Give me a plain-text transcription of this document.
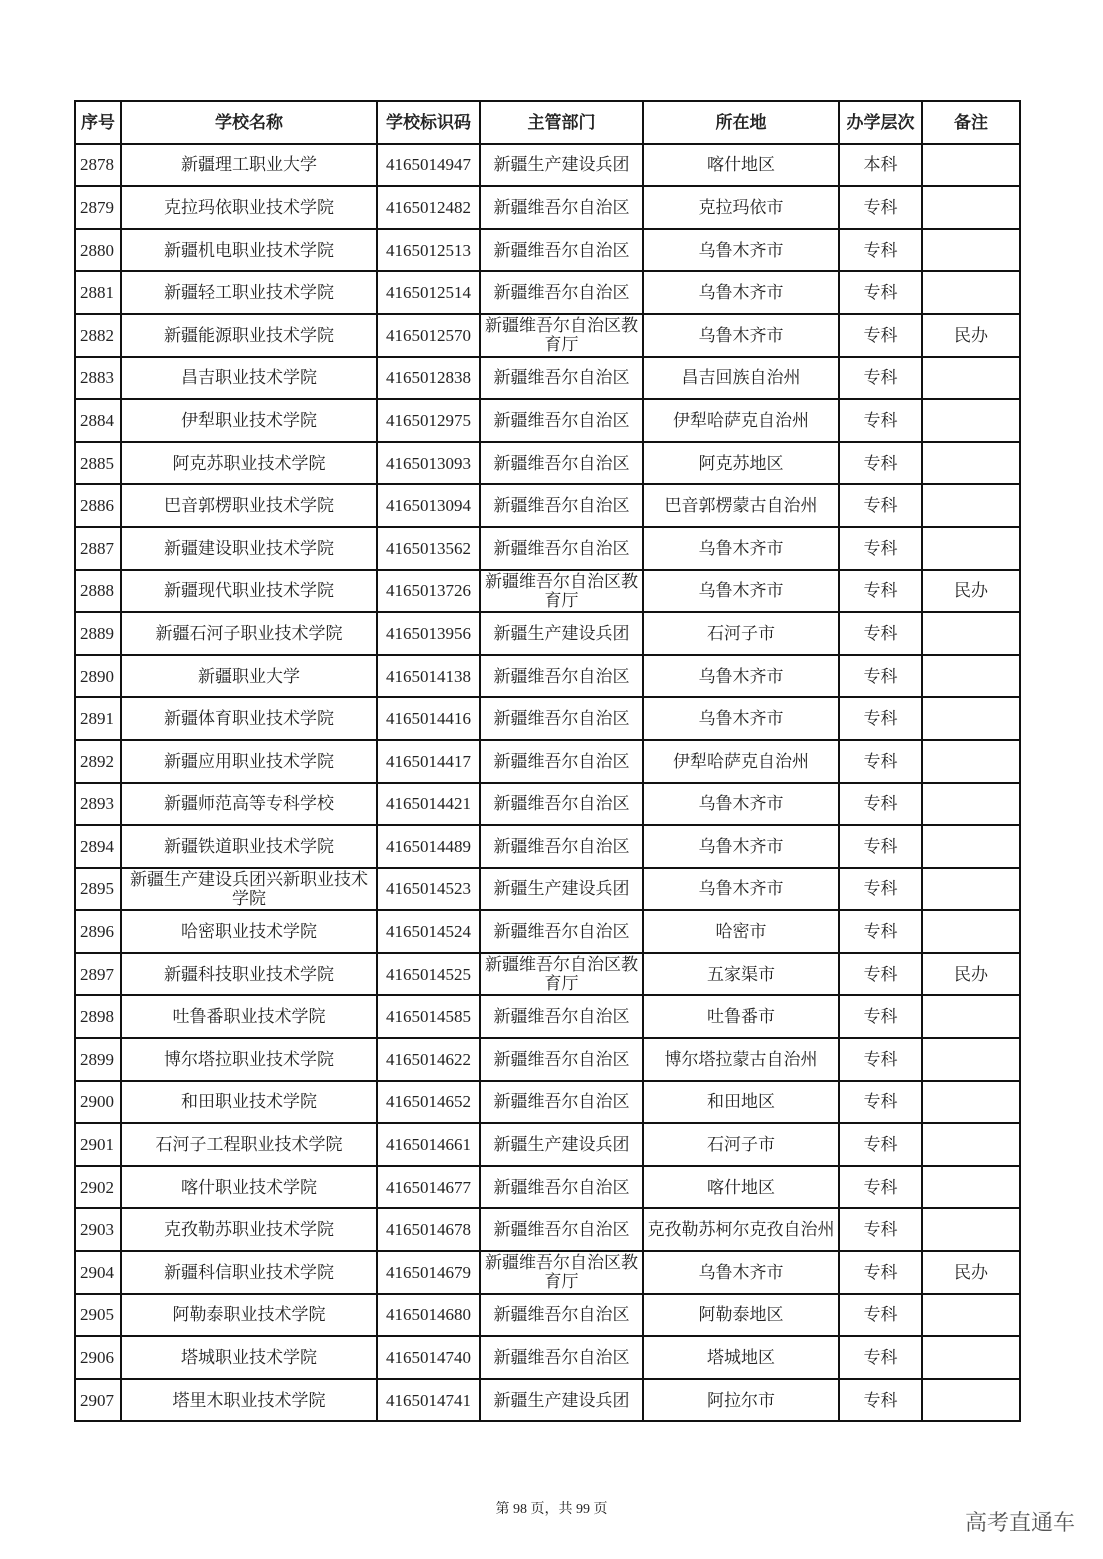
序号	学校名称	学校标识码	主管部门	所在地	办学层次	备注
2878	新疆理工职业大学	4165014947	新疆生产建设兵团	喀什地区	本科	
2879	克拉玛依职业技术学院	4165012482	新疆维吾尔自治区	克拉玛依市	专科	
2880	新疆机电职业技术学院	4165012513	新疆维吾尔自治区	乌鲁木齐市	专科	
2881	新疆轻工职业技术学院	4165012514	新疆维吾尔自治区	乌鲁木齐市	专科	
2882	新疆能源职业技术学院	4165012570	新疆维吾尔自治区教育厅	乌鲁木齐市	专科	民办
2883	昌吉职业技术学院	4165012838	新疆维吾尔自治区	昌吉回族自治州	专科	
2884	伊犁职业技术学院	4165012975	新疆维吾尔自治区	伊犁哈萨克自治州	专科	
2885	阿克苏职业技术学院	4165013093	新疆维吾尔自治区	阿克苏地区	专科	
2886	巴音郭楞职业技术学院	4165013094	新疆维吾尔自治区	巴音郭楞蒙古自治州	专科	
2887	新疆建设职业技术学院	4165013562	新疆维吾尔自治区	乌鲁木齐市	专科	
2888	新疆现代职业技术学院	4165013726	新疆维吾尔自治区教育厅	乌鲁木齐市	专科	民办
2889	新疆石河子职业技术学院	4165013956	新疆生产建设兵团	石河子市	专科	
2890	新疆职业大学	4165014138	新疆维吾尔自治区	乌鲁木齐市	专科	
2891	新疆体育职业技术学院	4165014416	新疆维吾尔自治区	乌鲁木齐市	专科	
2892	新疆应用职业技术学院	4165014417	新疆维吾尔自治区	伊犁哈萨克自治州	专科	
2893	新疆师范高等专科学校	4165014421	新疆维吾尔自治区	乌鲁木齐市	专科	
2894	新疆铁道职业技术学院	4165014489	新疆维吾尔自治区	乌鲁木齐市	专科	
2895	新疆生产建设兵团兴新职业技术学院	4165014523	新疆生产建设兵团	乌鲁木齐市	专科	
2896	哈密职业技术学院	4165014524	新疆维吾尔自治区	哈密市	专科	
2897	新疆科技职业技术学院	4165014525	新疆维吾尔自治区教育厅	五家渠市	专科	民办
2898	吐鲁番职业技术学院	4165014585	新疆维吾尔自治区	吐鲁番市	专科	
2899	博尔塔拉职业技术学院	4165014622	新疆维吾尔自治区	博尔塔拉蒙古自治州	专科	
2900	和田职业技术学院	4165014652	新疆维吾尔自治区	和田地区	专科	
2901	石河子工程职业技术学院	4165014661	新疆生产建设兵团	石河子市	专科	
2902	喀什职业技术学院	4165014677	新疆维吾尔自治区	喀什地区	专科	
2903	克孜勒苏职业技术学院	4165014678	新疆维吾尔自治区	克孜勒苏柯尔克孜自治州	专科	
2904	新疆科信职业技术学院	4165014679	新疆维吾尔自治区教育厅	乌鲁木齐市	专科	民办
2905	阿勒泰职业技术学院	4165014680	新疆维吾尔自治区	阿勒泰地区	专科	
2906	塔城职业技术学院	4165014740	新疆维吾尔自治区	塔城地区	专科	
2907	塔里木职业技术学院	4165014741	新疆生产建设兵团	阿拉尔市	专科	
第 98 页，共 99 页
高考直通车
